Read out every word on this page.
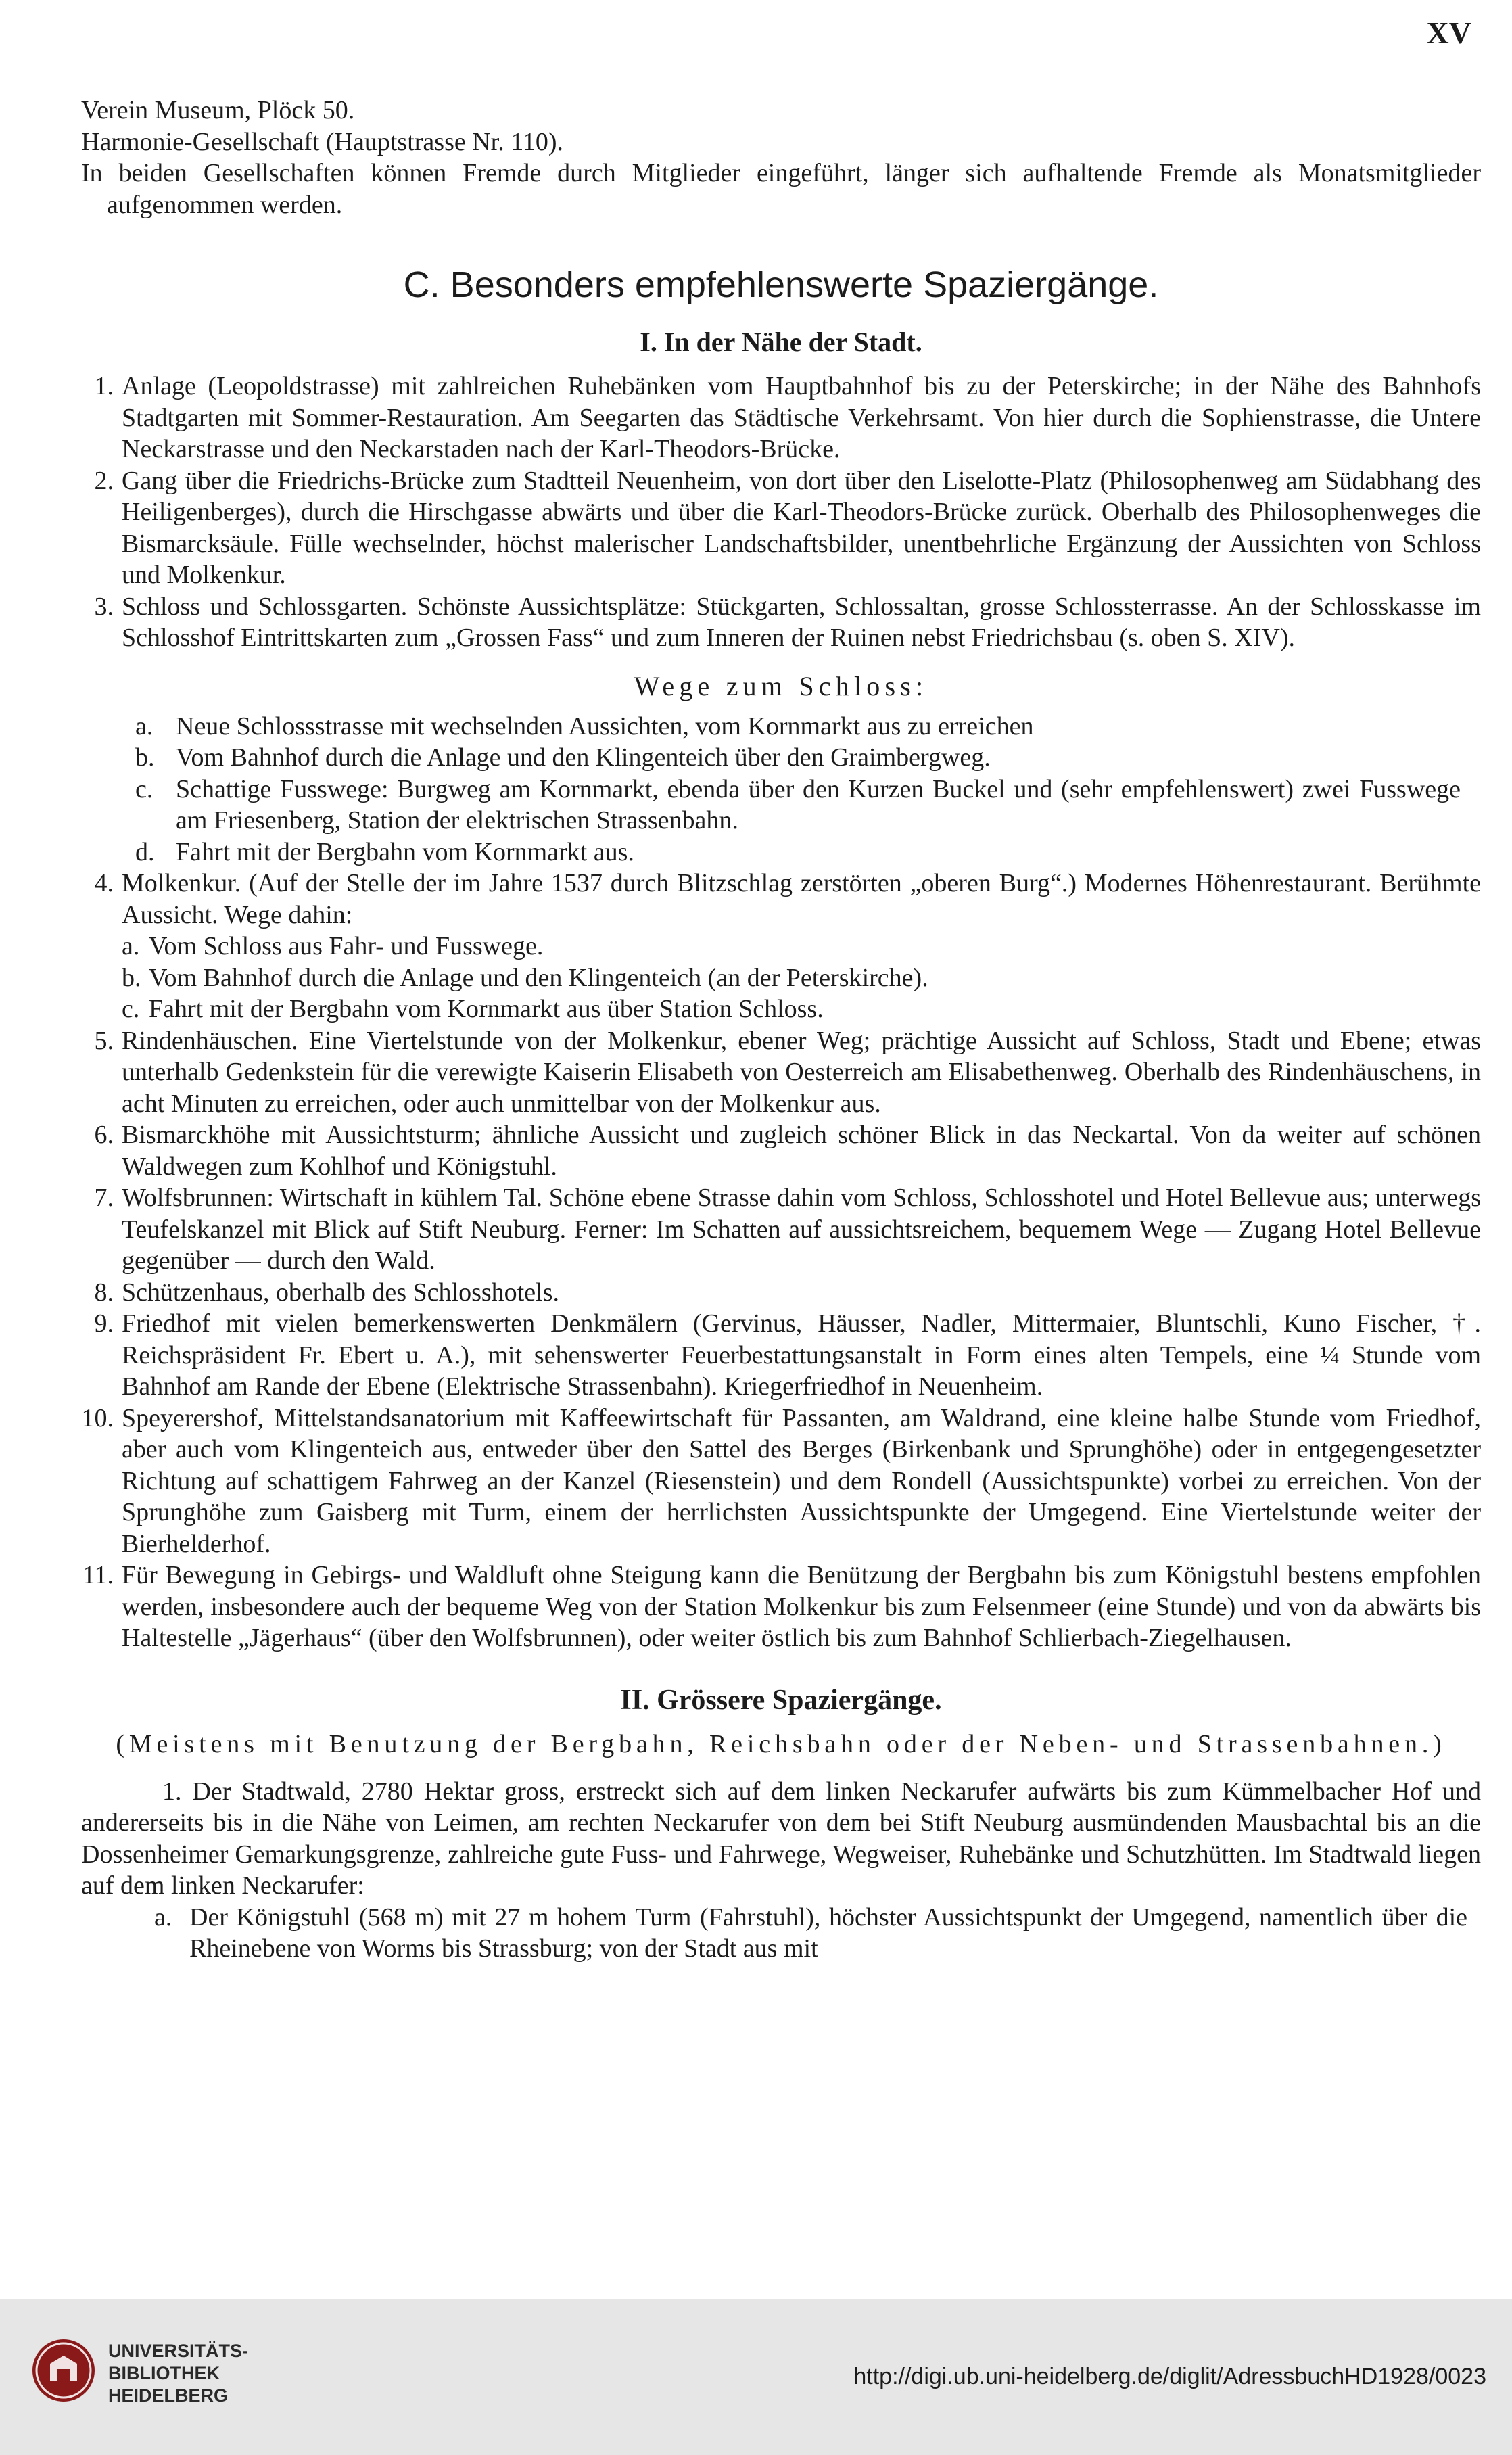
XV

Verein Museum, Plöck 50.

Harmonie-Gesellschaft (Hauptstrasse Nr. 110).

In beiden Gesellschaften können Fremde durch Mitglieder eingeführt, länger sich aufhaltende Fremde als Monatsmitglieder aufgenommen werden.

C. Besonders empfehlenswerte Spaziergänge.
I. In der Nähe der Stadt.
1. Anlage (Leopoldstrasse) mit zahlreichen Ruhebänken vom Hauptbahnhof bis zu der Peterskirche; in der Nähe des Bahnhofs Stadtgarten mit Sommer-Restauration. Am Seegarten das Städtische Verkehrsamt. Von hier durch die Sophienstrasse, die Untere Neckarstrasse und den Neckarstaden nach der Karl-Theodors-Brücke.
2. Gang über die Friedrichs-Brücke zum Stadtteil Neuenheim, von dort über den Liselotte-Platz (Philosophenweg am Südabhang des Heiligenberges), durch die Hirschgasse abwärts und über die Karl-Theodors-Brücke zurück. Oberhalb des Philosophenweges die Bismarcksäule. Fülle wechselnder, höchst malerischer Landschaftsbilder, unentbehrliche Ergänzung der Aussichten von Schloss und Molkenkur.
3. Schloss und Schlossgarten. Schönste Aussichtsplätze: Stückgarten, Schlossaltan, grosse Schlossterrasse. An der Schlosskasse im Schlosshof Eintrittskarten zum „Grossen Fass“ und zum Inneren der Ruinen nebst Friedrichsbau (s. oben S. XIV).
Wege zum Schloss:
a. Neue Schlossstrasse mit wechselnden Aussichten, vom Kornmarkt aus zu erreichen
b. Vom Bahnhof durch die Anlage und den Klingenteich über den Graimbergweg.
c. Schattige Fusswege: Burgweg am Kornmarkt, ebenda über den Kurzen Buckel und (sehr empfehlenswert) zwei Fusswege am Friesenberg, Station der elektrischen Strassenbahn.
d. Fahrt mit der Bergbahn vom Kornmarkt aus.
4. Molkenkur. (Auf der Stelle der im Jahre 1537 durch Blitzschlag zerstörten „oberen Burg“.) Modernes Höhenrestaurant. Berühmte Aussicht. Wege dahin:
a. Vom Schloss aus Fahr- und Fusswege.
b. Vom Bahnhof durch die Anlage und den Klingenteich (an der Peterskirche).
c. Fahrt mit der Bergbahn vom Kornmarkt aus über Station Schloss.
5. Rindenhäuschen. Eine Viertelstunde von der Molkenkur, ebener Weg; prächtige Aussicht auf Schloss, Stadt und Ebene; etwas unterhalb Gedenkstein für die verewigte Kaiserin Elisabeth von Oesterreich am Elisabethenweg. Oberhalb des Rindenhäuschens, in acht Minuten zu erreichen, oder auch unmittelbar von der Molkenkur aus.
6. Bismarckhöhe mit Aussichtsturm; ähnliche Aussicht und zugleich schöner Blick in das Neckartal. Von da weiter auf schönen Waldwegen zum Kohlhof und Königstuhl.
7. Wolfsbrunnen: Wirtschaft in kühlem Tal. Schöne ebene Strasse dahin vom Schloss, Schlosshotel und Hotel Bellevue aus; unterwegs Teufelskanzel mit Blick auf Stift Neuburg. Ferner: Im Schatten auf aussichtsreichem, bequemem Wege — Zugang Hotel Bellevue gegenüber — durch den Wald.
8. Schützenhaus, oberhalb des Schlosshotels.
9. Friedhof mit vielen bemerkenswerten Denkmälern (Gervinus, Häusser, Nadler, Mittermaier, Bluntschli, Kuno Fischer, †. Reichspräsident Fr. Ebert u. A.), mit sehenswerter Feuerbestattungsanstalt in Form eines alten Tempels, eine ¼ Stunde vom Bahnhof am Rande der Ebene (Elektrische Strassenbahn). Kriegerfriedhof in Neuenheim.
10. Speyerershof, Mittelstandsanatorium mit Kaffeewirtschaft für Passanten, am Waldrand, eine kleine halbe Stunde vom Friedhof, aber auch vom Klingenteich aus, entweder über den Sattel des Berges (Birkenbank und Sprunghöhe) oder in entgegengesetzter Richtung auf schattigem Fahrweg an der Kanzel (Riesenstein) und dem Rondell (Aussichtspunkte) vorbei zu erreichen. Von der Sprunghöhe zum Gaisberg mit Turm, einem der herrlichsten Aussichtspunkte der Umgegend. Eine Viertelstunde weiter der Bierhelderhof.
11. Für Bewegung in Gebirgs- und Waldluft ohne Steigung kann die Benützung der Bergbahn bis zum Königstuhl bestens empfohlen werden, insbesondere auch der bequeme Weg von der Station Molkenkur bis zum Felsenmeer (eine Stunde) und von da abwärts bis Haltestelle „Jägerhaus“ (über den Wolfsbrunnen), oder weiter östlich bis zum Bahnhof Schlierbach-Ziegelhausen.
II. Grössere Spaziergänge.
(Meistens mit Benutzung der Bergbahn, Reichsbahn oder der Neben- und Strassenbahnen.)

1. Der Stadtwald, 2780 Hektar gross, erstreckt sich auf dem linken Neckarufer aufwärts bis zum Kümmelbacher Hof und andererseits bis in die Nähe von Leimen, am rechten Neckarufer von dem bei Stift Neuburg ausmündenden Mausbachtal bis an die Dossenheimer Gemarkungsgrenze, zahlreiche gute Fuss- und Fahrwege, Wegweiser, Ruhebänke und Schutzhütten. Im Stadtwald liegen auf dem linken Neckarufer:

a. Der Königstuhl (568 m) mit 27 m hohem Turm (Fahrstuhl), höchster Aussichtspunkt der Umgegend, namentlich über die Rheinebene von Worms bis Strassburg; von der Stadt aus mit
UNIVERSITÄTS-
BIBLIOTHEK
HEIDELBERG
http://digi.ub.uni-heidelberg.de/diglit/AdressbuchHD1928/0023
